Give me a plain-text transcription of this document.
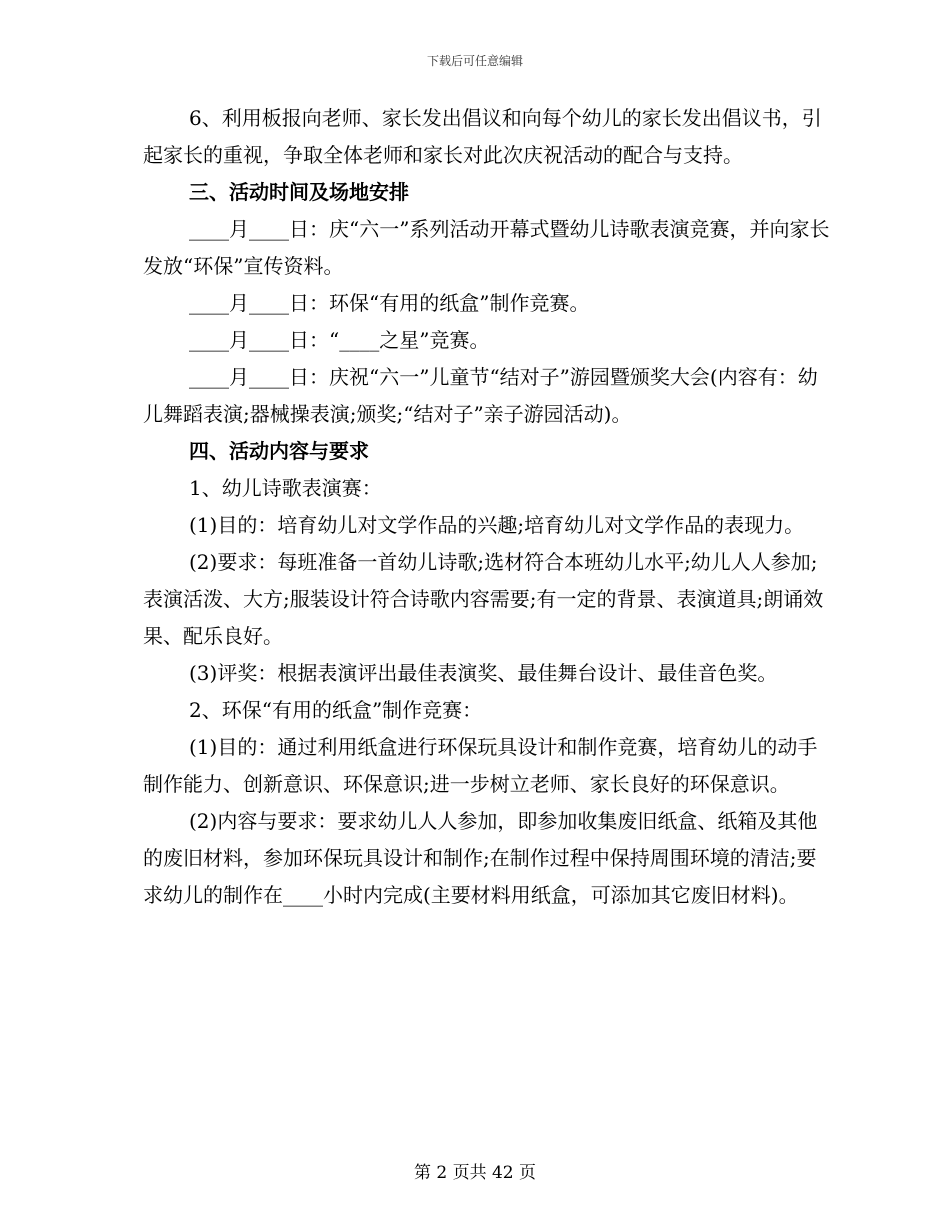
下载后可任意编辑

6、利用板报向老师、家长发出倡议和向每个幼儿的家长发出倡议书，引起家长的重视，争取全体老师和家长对此次庆祝活动的配合与支持。

三、活动时间及场地安排

____月____日：庆“六一”系列活动开幕式暨幼儿诗歌表演竞赛，并向家长发放“环保”宣传资料。

____月____日：环保“有用的纸盒”制作竞赛。

____月____日：“____之星”竞赛。

____月____日：庆祝“六一”儿童节“结对子”游园暨颁奖大会(内容有：幼儿舞蹈表演;器械操表演;颁奖;“结对子”亲子游园活动)。

四、活动内容与要求

1、幼儿诗歌表演赛：

(1)目的：培育幼儿对文学作品的兴趣;培育幼儿对文学作品的表现力。

(2)要求：每班准备一首幼儿诗歌;选材符合本班幼儿水平;幼儿人人参加;表演活泼、大方;服装设计符合诗歌内容需要;有一定的背景、表演道具;朗诵效果、配乐良好。

(3)评奖：根据表演评出最佳表演奖、最佳舞台设计、最佳音色奖。

2、环保“有用的纸盒”制作竞赛：

(1)目的：通过利用纸盒进行环保玩具设计和制作竞赛，培育幼儿的动手制作能力、创新意识、环保意识;进一步树立老师、家长良好的环保意识。

(2)内容与要求：要求幼儿人人参加，即参加收集废旧纸盒、纸箱及其他的废旧材料，参加环保玩具设计和制作;在制作过程中保持周围环境的清洁;要求幼儿的制作在____小时内完成(主要材料用纸盒，可添加其它废旧材料)。

第 2 页共 42 页
